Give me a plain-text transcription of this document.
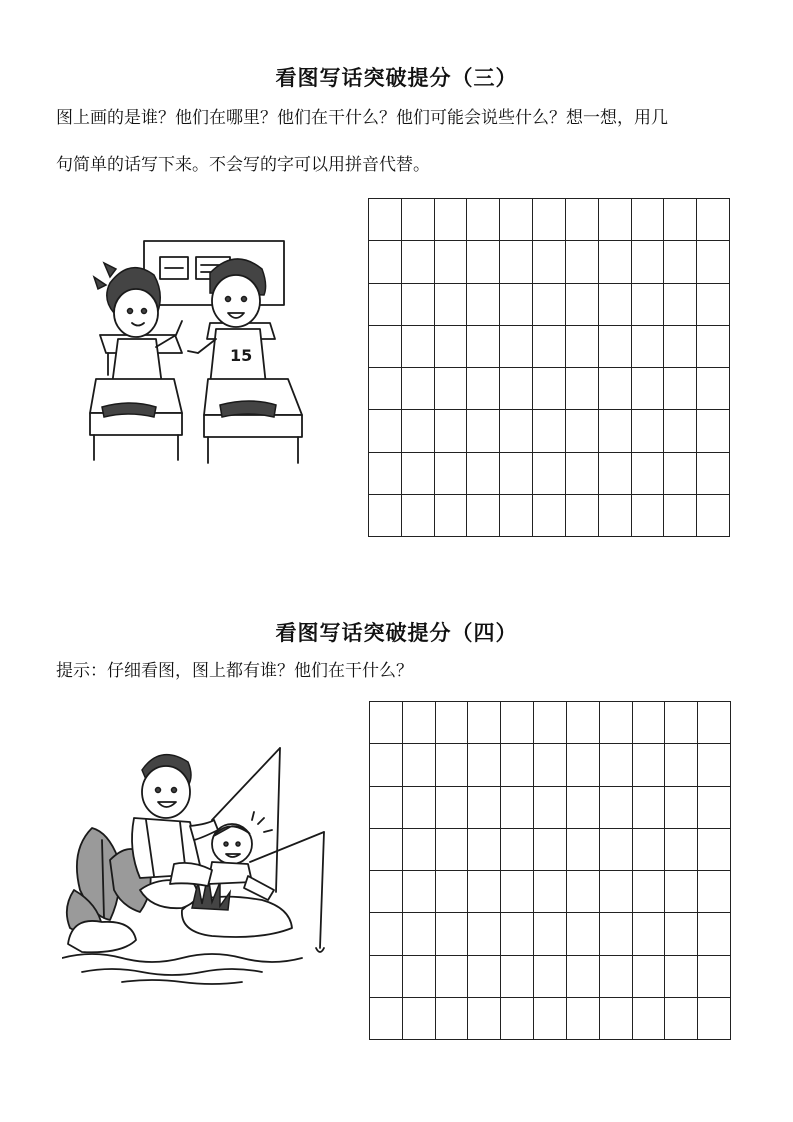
看图写话突破提分（三）
图上画的是谁？他们在哪里？他们在干什么？他们可能会说些什么？想一想，用几
句简单的话写下来。不会写的字可以用拼音代替。
15
看图写话突破提分（四）
提示：仔细看图，图上都有谁？他们在干什么？
